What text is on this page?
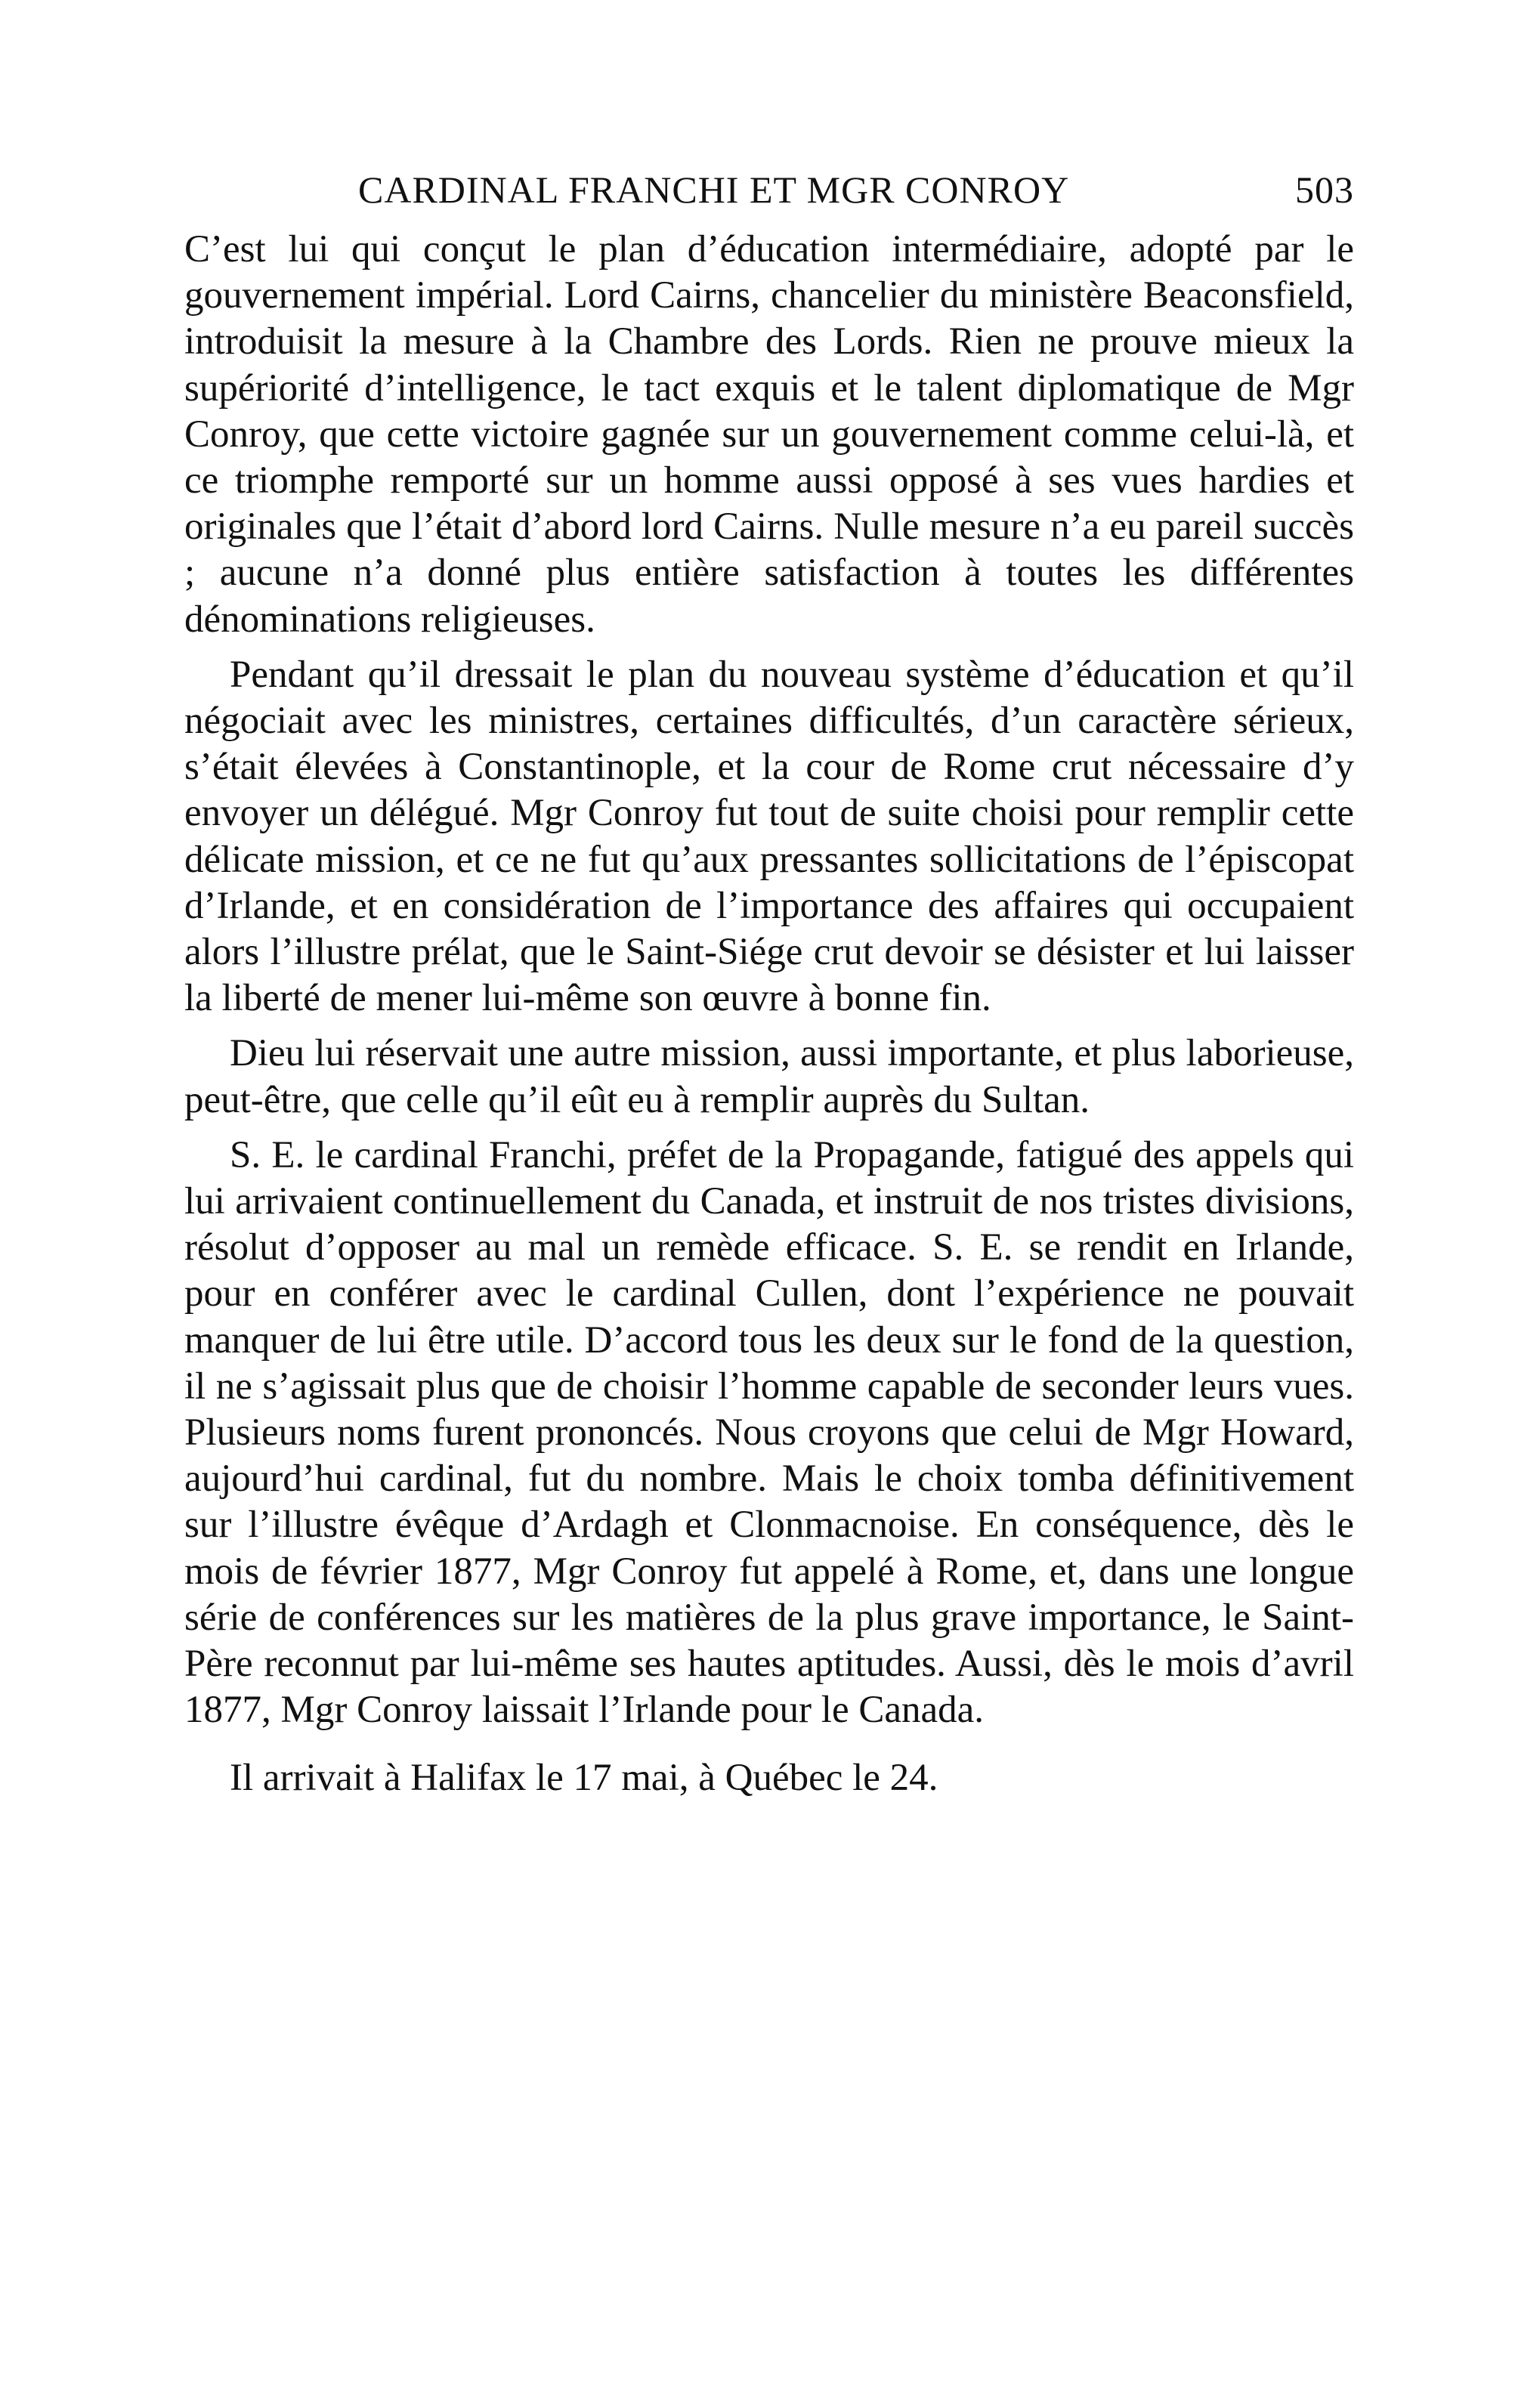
CARDINAL FRANCHI ET MGR CONROY	503

C’est lui qui conçut le plan d’éducation intermédiaire, adopté par le gouvernement impérial. Lord Cairns, chancelier du ministère Beaconsfield, introduisit la mesure à la Chambre des Lords. Rien ne prouve mieux la supériorité d’intelligence, le tact exquis et le talent diplomatique de Mgr Conroy, que cette victoire gagnée sur un gouvernement comme celui-là, et ce triomphe remporté sur un homme aussi opposé à ses vues hardies et originales que l’était d’abord lord Cairns. Nulle mesure n’a eu pareil succès ; aucune n’a donné plus entière satisfaction à toutes les différentes dénominations religieuses.

Pendant qu’il dressait le plan du nouveau système d’éducation et qu’il négociait avec les ministres, certaines difficultés, d’un caractère sérieux, s’était élevées à Constantinople, et la cour de Rome crut nécessaire d’y envoyer un délégué. Mgr Conroy fut tout de suite choisi pour remplir cette délicate mission, et ce ne fut qu’aux pressantes sollicitations de l’épiscopat d’Irlande, et en considération de l’importance des affaires qui occupaient alors l’illustre prélat, que le Saint-Siége crut devoir se désister et lui laisser la liberté de mener lui-même son œuvre à bonne fin.

Dieu lui réservait une autre mission, aussi importante, et plus laborieuse, peut-être, que celle qu’il eût eu à remplir auprès du Sultan.

S. E. le cardinal Franchi, préfet de la Propagande, fatigué des appels qui lui arrivaient continuellement du Canada, et instruit de nos tristes divisions, résolut d’opposer au mal un remède efficace. S. E. se rendit en Irlande, pour en conférer avec le cardinal Cullen, dont l’expérience ne pouvait manquer de lui être utile. D’accord tous les deux sur le fond de la question, il ne s’agissait plus que de choisir l’homme capable de seconder leurs vues. Plusieurs noms furent prononcés. Nous croyons que celui de Mgr Howard, aujourd’hui cardinal, fut du nombre. Mais le choix tomba définitivement sur l’illustre évêque d’Ardagh et Clonmacnoise. En conséquence, dès le mois de février 1877, Mgr Conroy fut appelé à Rome, et, dans une longue série de conférences sur les matières de la plus grave importance, le Saint-Père reconnut par lui-même ses hautes aptitudes. Aussi, dès le mois d’avril 1877, Mgr Conroy laissait l’Irlande pour le Canada.

Il arrivait à Halifax le 17 mai, à Québec le 24.
